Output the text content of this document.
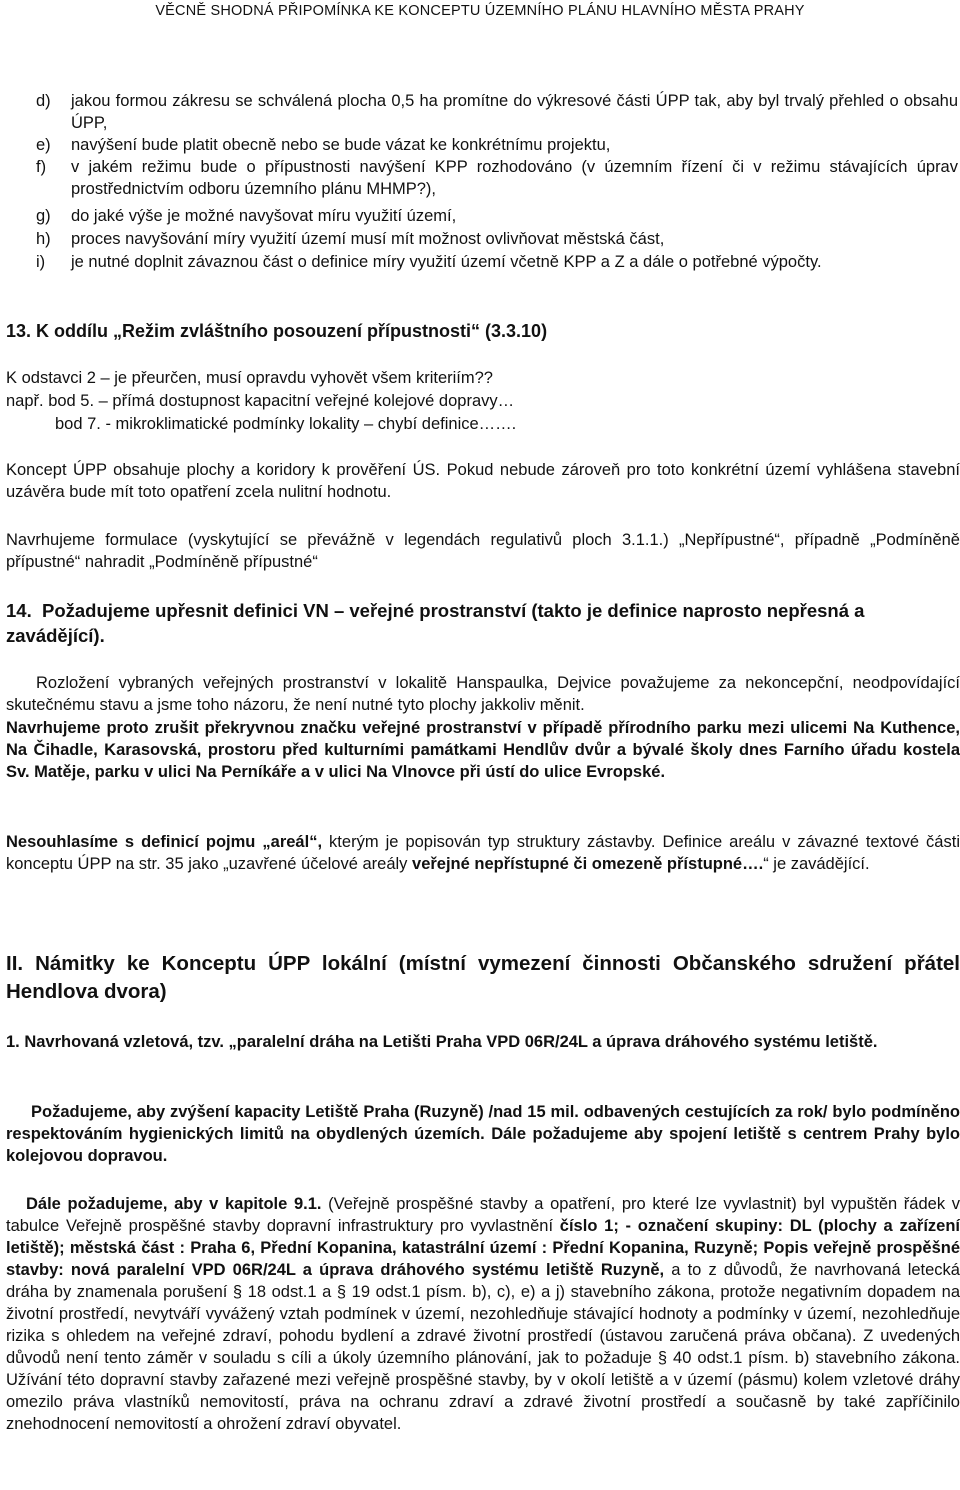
VĚCNĚ SHODNÁ PŘIPOMÍNKA KE KONCEPTU ÚZEMNÍHO PLÁNU HLAVNÍHO MĚSTA PRAHY
d) jakou formou zákresu se schválená plocha 0,5 ha promítne do výkresové části ÚPP tak, aby byl trvalý přehled o obsahu ÚPP,
e) navýšení bude platit obecně nebo se bude vázat ke konkrétnímu projektu,
f) v jakém režimu bude o přípustnosti navýšení KPP rozhodováno (v územním řízení či v režimu stávajících úprav prostřednictvím odboru územního plánu MHMP?),
g) do jaké výše je možné navyšovat míru využití území,
h) proces navyšování míry využití území musí mít možnost ovlivňovat městská část,
i) je nutné doplnit závaznou část o definice míry využití území včetně KPP a Z a dále o potřebné výpočty.
13. K oddílu „Režim zvláštního posouzení přípustnosti“ (3.3.10)
K odstavci 2 – je přeurčen, musí opravdu vyhovět všem kriteriím??
např. bod 5. – přímá dostupnost kapacitní veřejné kolejové dopravy…
bod 7. - mikroklimatické podmínky lokality – chybí definice…….
Koncept ÚPP obsahuje plochy a koridory k prověření ÚS. Pokud nebude zároveň pro toto konkrétní území vyhlášena stavební uzávěra bude mít toto opatření zcela nulitní hodnotu.
Navrhujeme formulace (vyskytující se převážně v legendách regulativů ploch 3.1.1.) „Nepřípustné“, případně „Podmíněně přípustné“ nahradit „Podmíněně přípustné“
14. Požadujeme upřesnit definici VN – veřejné prostranství (takto je definice naprosto nepřesná a zavádějící).
Rozložení vybraných veřejných prostranství v lokalitě Hanspaulka, Dejvice považujeme za nekoncepční, neodpovídající skutečnému stavu a jsme toho názoru, že není nutné tyto plochy jakkoliv měnit.
Navrhujeme proto zrušit překryvnou značku veřejné prostranství v případě přírodního parku mezi ulicemi Na Kuthence, Na Čihadle, Karasovská, prostoru před kulturními památkami Hendlův dvůr a bývalé školy dnes Farního úřadu kostela Sv. Matěje, parku v ulici Na Perníkáře a v ulici Na Vlnovce při ústí do ulice Evropské.
Nesouhlasíme s definicí pojmu „areál“, kterým je popisován typ struktury zástavby. Definice areálu v závazné textové části konceptu ÚPP na str. 35 jako „uzavřené účelové areály veřejné nepřístupné či omezeně přístupné….“ je zavádějící.
II. Námitky ke Konceptu ÚPP lokální (místní vymezení činnosti Občanského sdružení přátel Hendlova dvora)
1. Navrhovaná vzletová, tzv. „paralelní dráha na Letišti Praha VPD 06R/24L a úprava dráhového systému letiště.
Požadujeme, aby zvýšení kapacity Letiště Praha (Ruzyně) /nad 15 mil. odbavených cestujících za rok/ bylo podmíněno respektováním hygienických limitů na obydlených územích. Dále požadujeme aby spojení letiště s centrem Prahy bylo kolejovou dopravou.
Dále požadujeme, aby v kapitole 9.1. (Veřejně prospěšné stavby a opatření, pro které lze vyvlastnit) byl vypuštěn řádek v tabulce Veřejně prospěšné stavby dopravní infrastruktury pro vyvlastnění číslo 1; - označení skupiny: DL (plochy a zařízení letiště); městská část : Praha 6, Přední Kopanina, katastrální území : Přední Kopanina, Ruzyně; Popis veřejně prospěšné stavby: nová paralelní VPD 06R/24L a úprava dráhového systému letiště Ruzyně, a to z důvodů, že navrhovaná letecká dráha by znamenala porušení § 18 odst.1 a § 19 odst.1 písm. b), c), e) a j) stavebního zákona, protože negativním dopadem na životní prostředí, nevytváří vyvážený vztah podmínek v území, nezohledňuje stávající hodnoty a podmínky v území, nezohledňuje rizika s ohledem na veřejné zdraví, pohodu bydlení a zdravé životní prostředí (ústavou zaručená práva občana). Z uvedených důvodů není tento záměr v souladu s cíli a úkoly územního plánování, jak to požaduje § 40 odst.1 písm. b) stavebního zákona. Užívání této dopravní stavby zařazené mezi veřejně prospěšné stavby, by v okolí letiště a v území (pásmu) kolem vzletové dráhy omezilo práva vlastníků nemovitostí, práva na ochranu zdraví a zdravé životní prostředí a současně by také zapříčinilo znehodnocení nemovitostí a ohrožení zdraví obyvatel.
